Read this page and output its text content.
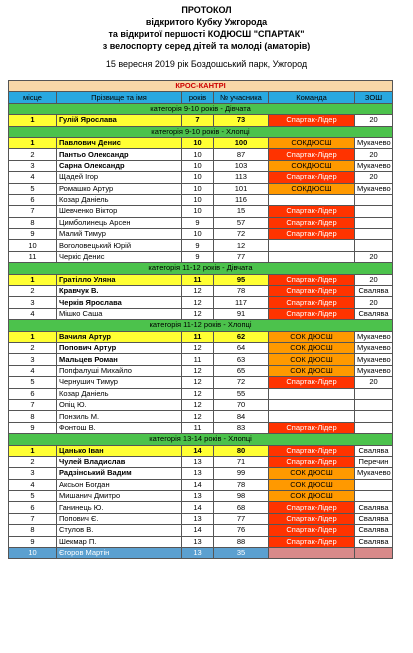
ПРОТОКОЛ
відкритого Кубку Ужгорода
та відкритої першості КОДЮСШ "СПАРТАК"
з велоспорту серед дітей та молоді (аматорів)
15 вересня 2019 рік Боздошський парк, Ужгород
КРОС-КАНТРІ					
місце	Прізвище та імя	років	№ учасника	Команда	ЗОШ
категорія 9-10 років - Дівчата					
1	Гулій Ярослава	7	73	Спартак-Лідер	20
категорія 9-10 років - Хлопці					
1	Павлович Денис	10	100	СОКДЮСШ	Мукачево
2	Пантьо Олександр	10	87	Спартак-Лідер	20
3	Сарна Олександр	10	103	СОКДЮСШ	Мукачево
4	Щадей Ігор	10	113	Спартак-Лідер	20
5	Ромашко Артур	10	101	СОКДЮСШ	Мукачево
6	Козар Даніель	10	116		
7	Шевченко Віктор	10	15	Спартак-Лідер	
8	Цимболинець Арсен	9	57	Спартак-Лідер	
9	Малий Тимур	10	72	Спартак-Лідер	
10	Воголовецький Юрій	9	12		
11	Черкіс Денис	9	77		20
категорія 11-12 років - Дівчата					
1	Гратілло Уляна	11	95	Спартак-Лідер	20
2	Кравчук В.	12	78	Спартак-Лідер	Свалява
3	Черків Ярослава	12	117	Спартак-Лідер	20
4	Мішко Саша	12	91	Спартак-Лідер	Свалява
категорія 11-12 років - Хлопці					
1	Вачиля Артур	11	62	СОК ДЮСШ	Мукачево
2	Попович Артур	12	64	СОК ДЮСШ	Мукачево
3	Мальцев Роман	11	63	СОК ДЮСШ	Мукачево
4	Попфалуші Михайло	12	65	СОК ДЮСШ	Мукачево
5	Чернушич Тимур	12	72	Спартак-Лідер	20
6	Козар Даніель	12	55		
7	Опіц Ю.	12	70		
8	Понзиль М.	12	84		
9	Фонтош В.	11	83	Спартак-Лідер	
категорія 13-14 років - Хлопці					
1	Цанько Іван	14	80	Спартак-Лідер	Свалява
2	Чулей Владислав	13	71	Спартак-Лідер	Перечин
3	Радзінський Вадим	13	99	СОК ДЮСШ	Мукачево
4	Аксьон Богдан	14	78	СОК ДЮСШ	
5	Мишанич Дмитро	13	98	СОК ДЮСШ	
6	Ганинець Ю.	14	68	Спартак-Лідер	Свалява
7	Попович Є.	13	77	Спартак-Лідер	Свалява
8	Стулов В.	14	76	Спартак-Лідер	Свалява
9	Шекмар П.	13	88	Спартак-Лідер	Свалява
10	Єгоров Мартін	13	35		
